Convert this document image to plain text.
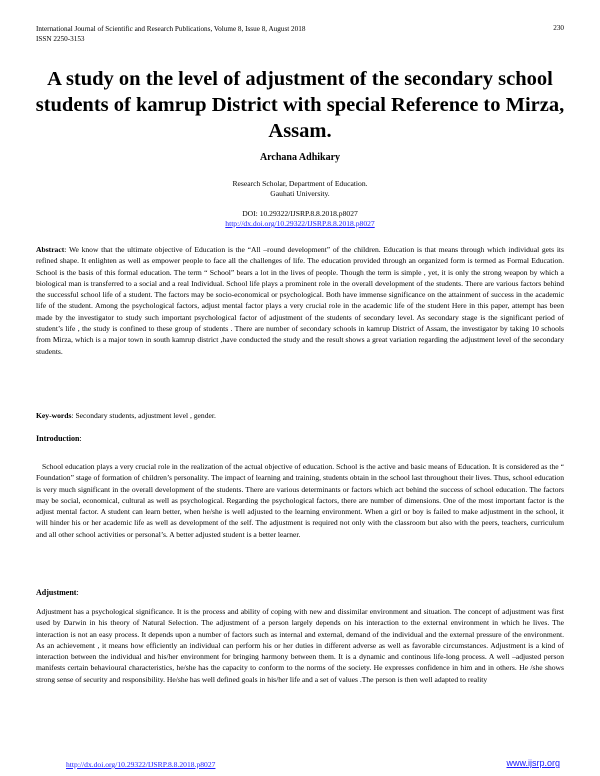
International Journal of Scientific and Research Publications, Volume 8, Issue 8, August 2018
ISSN 2250-3153
230
A study on the level of adjustment of the secondary school students of kamrup District with special Reference to Mirza, Assam.
Archana Adhikary
Research Scholar, Department of Education.
Gauhati University.
DOI: 10.29322/IJSRP.8.8.2018.p8027
http://dx.doi.org/10.29322/IJSRP.8.8.2018.p8027

Abstract: We know that the ultimate objective of Education is the “All –round development” of the children. Education is that means through which individual gets its refined shape. It enlighten as well as empower people to face all the challenges of life. The education provided through an organized form is termed as Formal Education. School is the basis of this formal education. The term “ School” bears a lot in the lives of people. Though the term is simple , yet, it is only the strong weapon by which a biological man is transferred to a social and a real Individual. School life plays a prominent role in the overall development of the students. There are various factors behind the successful school life of a student. The factors may be socio-economical or psychological. Both have immense significance on the attainment of success in the academic life of the student. Among the psychological factors, adjust mental factor plays a very crucial role in the academic life of the student Here in this paper, attempt has been made by the investigator to study such important psychological factor of adjustment of the students of secondary level. As secondary stage is the significant period of student’s life , the study is confined to these group of students . There are number of secondary schools in kamrup District of Assam, the investigator by taking 10 schools from Mirza, which is a major town in south kamrup district ,have conducted the study and the result shows a great variation regarding the adjustment level of the secondary students.

Key-words: Secondary students, adjustment level , gender.

Introduction:

School education plays a very crucial role in the realization of the actual objective of education. School is the active and basic means of Education. It is considered as the “ Foundation” stage of formation of children’s personality. The impact of learning and training, students obtain in the school last throughout their lives. Thus, school education is very much significant in the overall development of the students. There are various determinants or factors which act behind the success of school education. The factors may be social, economical, cultural as well as psychological. Regarding the psychological factors, there are number of dimensions. One of the most important factor is the adjust mental factor. A student can learn better, when he/she is well adjusted to the learning environment. When a girl or boy is failed to make adjustment in the school, it will hinder his or her academic life as well as development of the self. The adjustment is required not only with the classroom but also with the peers, teachers, curriculum and all other school activities or personal’s. A better adjusted student is a better learner.

Adjustment:

Adjustment has a psychological significance. It is the process and ability of coping with new and dissimilar environment and situation. The concept of adjustment was first used by Darwin in his theory of Natural Selection. The adjustment of a person largely depends on his interaction to the external environment in which he lives. The interaction is not an easy process. It depends upon a number of factors such as internal and external, demand of the individual and the external pressure of the environment. As an achievement , it means how efficiently an individual can perform his or her duties in different adverse as well as favorable circumstances. Adjustment is a kind of interaction between the individual and his/her environment for bringing harmony between them. It is a dynamic and continous life-long process. A well –adjusted person manifests certain behavioural characteristics, he/she has the capacity to conform to the norms of the society. He expresses confidence in him and in others. He /she shows strong sense of security and responsibility. He/she has well defined goals in his/her life and a set of values .The person is then well adapted to reality

http://dx.doi.org/10.29322/IJSRP.8.8.2018.p8027	www.ijsrp.org
